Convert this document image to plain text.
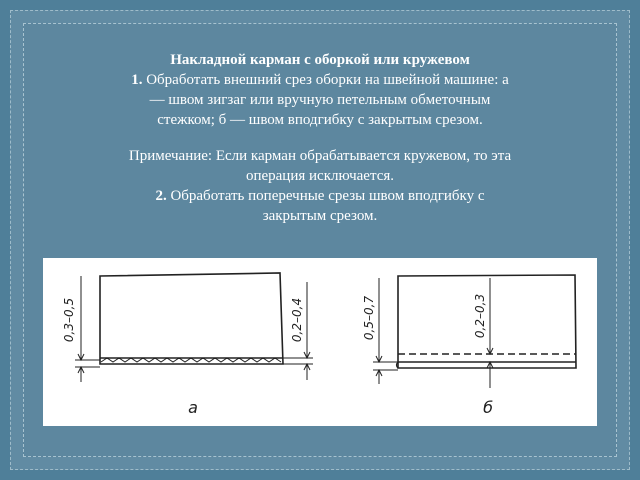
Накладной карман с оборкой или кружевом
1. Обработать внешний срез оборки на швейной машине: а
— швом зигзаг или вручную петельным обметочным
стежком; б — швом вподгибку с закрытым срезом.
Примечание: Если карман обрабатывается кружевом, то эта
операция исключается.
2. Обработать поперечные срезы швом вподгибку с
закрытым срезом.
0,3–0,5	0,2–0,4	0,5–0,7	0,2–0,3
а	б
